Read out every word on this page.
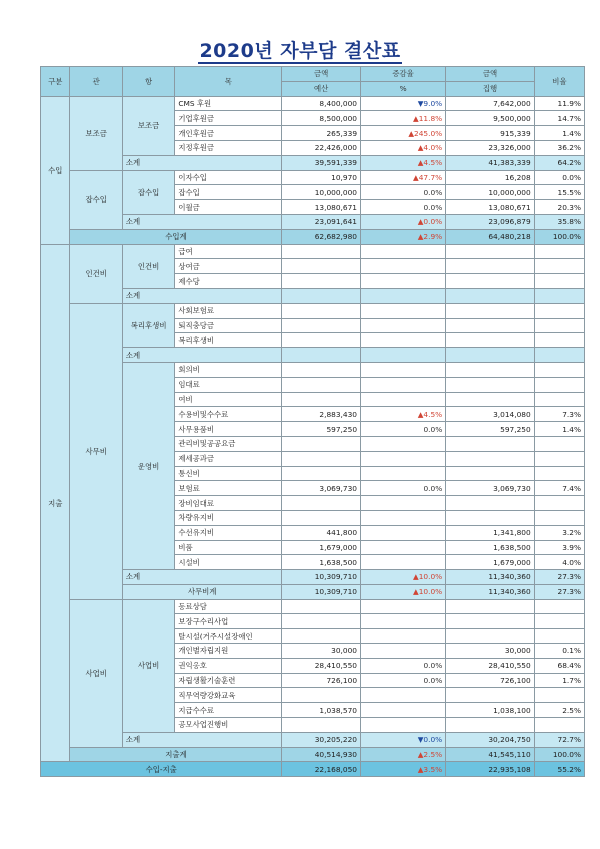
2020년 자부담 결산표
구분	관	항	목	금액	증감율	금액	비율
				예산	%	집행	
수입	보조금	보조금	CMS 후원	8,400,000	▼9.0%	7,642,000	11.9%
			기업후원금	8,500,000	▲11.8%	9,500,000	14.7%
			개인후원금	265,339	▲245.0%	915,339	1.4%
			지정후원금	22,426,000	▲4.0%	23,326,000	36.2%
		소계		39,591,339	▲4.5%	41,383,339	64.2%
	잡수입	잡수입	이자수입	10,970	▲47.7%	16,208	0.0%
			잡수입	10,000,000	0.0%	10,000,000	15.5%
			이월금	13,080,671	0.0%	13,080,671	20.3%
		소계		23,091,641	▲0.0%	23,096,879	35.8%
	수입계			62,682,980	▲2.9%	64,480,218	100.0%
지출	인건비	인건비	급여				
			상여금				
			제수당				
		소계					
	사무비	복리후생비	사회보험료				
			퇴직충당금				
			복리후생비				
		소계					
		운영비	회의비				
			임대료				
			여비				
			수용비및수수료	2,883,430	▲4.5%	3,014,080	7.3%
			사무용품비	597,250	0.0%	597,250	1.4%
			관리비및공공요금				
			제세공과금				
			통신비				
			보험료	3,069,730	0.0%	3,069,730	7.4%
			장비임대료				
			차량유지비				
			수선유지비	441,800		1,341,800	3.2%
			비품	1,679,000		1,638,500	3.9%
			시설비	1,638,500		1,679,000	4.0%
		소계		10,309,710	▲10.0%	11,340,360	27.3%
		사무비계		10,309,710	▲10.0%	11,340,360	27.3%
	사업비	사업비	동료상담				
			보장구수리사업				
			탈시설(거주시설장애인				
			개인별자립지원	30,000		30,000	0.1%
			권익옹호	28,410,550	0.0%	28,410,550	68.4%
			자립생활기술훈련	726,100	0.0%	726,100	1.7%
			직무역량강화교육				
			지급수수료	1,038,570		1,038,100	2.5%
			공모사업진행비				
		소계		30,205,220	▼0.0%	30,204,750	72.7%
	지출계			40,514,930	▲2.5%	41,545,110	100.0%
수입-지출				22,168,050	▲3.5%	22,935,108	55.2%
